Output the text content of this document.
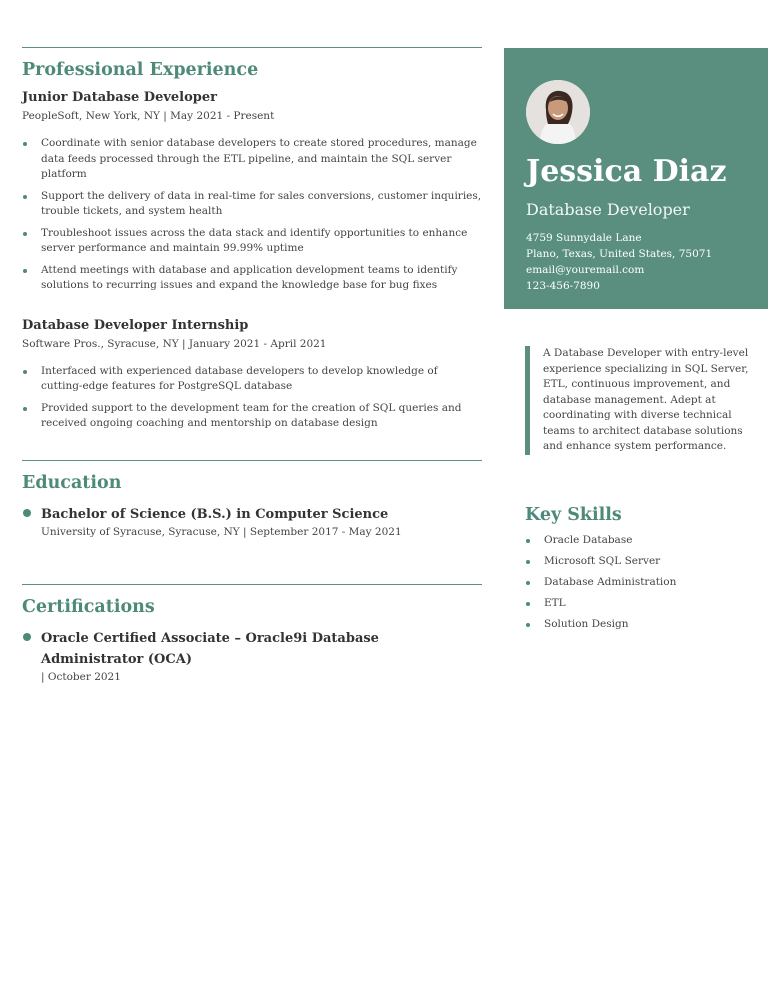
Professional Experience
Junior Database Developer
PeopleSoft, New York, NY | May 2021 - Present
Coordinate with senior database developers to create stored procedures, manage data feeds processed through the ETL pipeline, and maintain the SQL server platform
Support the delivery of data in real-time for sales conversions, customer inquiries, trouble tickets, and system health
Troubleshoot issues across the data stack and identify opportunities to enhance server performance and maintain 99.99% uptime
Attend meetings with database and application development teams to identify solutions to recurring issues and expand the knowledge base for bug fixes
Database Developer Internship
Software Pros., Syracuse, NY | January 2021 - April 2021
Interfaced with experienced database developers to develop knowledge of cutting-edge features for PostgreSQL database
Provided support to the development team for the creation of SQL queries and received ongoing coaching and mentorship on database design
Education
Bachelor of Science (B.S.) in Computer Science
University of Syracuse, Syracuse, NY | September 2017 - May 2021
Certifications
Oracle Certified Associate – Oracle9i Database Administrator (OCA)
| October 2021
Jessica Diaz
Database Developer
4759 Sunnydale Lane
Plano, Texas, United States, 75071
email@youremail.com
123-456-7890
A Database Developer with entry-level experience specializing in SQL Server, ETL, continuous improvement, and database management. Adept at coordinating with diverse technical teams to architect database solutions and enhance system performance.
Key Skills
Oracle Database
Microsoft SQL Server
Database Administration
ETL
Solution Design
